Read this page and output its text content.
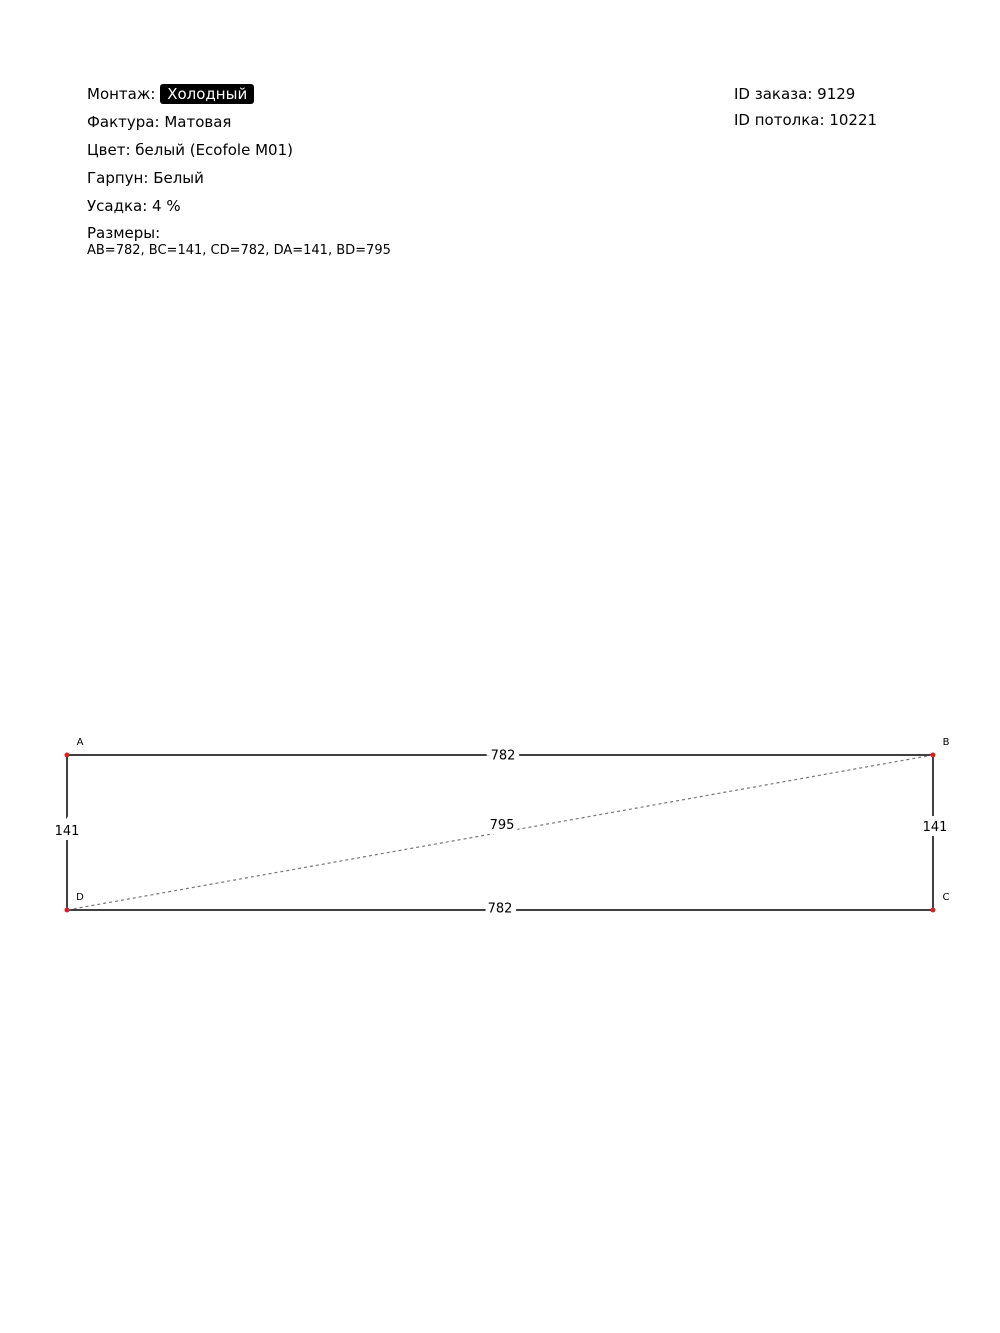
Монтаж: Холодный
Фактура: Матовая
Цвет: белый (Ecofole M01)
Гарпун: Белый
Усадка: 4 %
Размеры:
AB=782, BC=141, CD=782, DA=141, BD=795
ID заказа: 9129
ID потолка: 10221
782
141
782
141	795
A	B
C
D
